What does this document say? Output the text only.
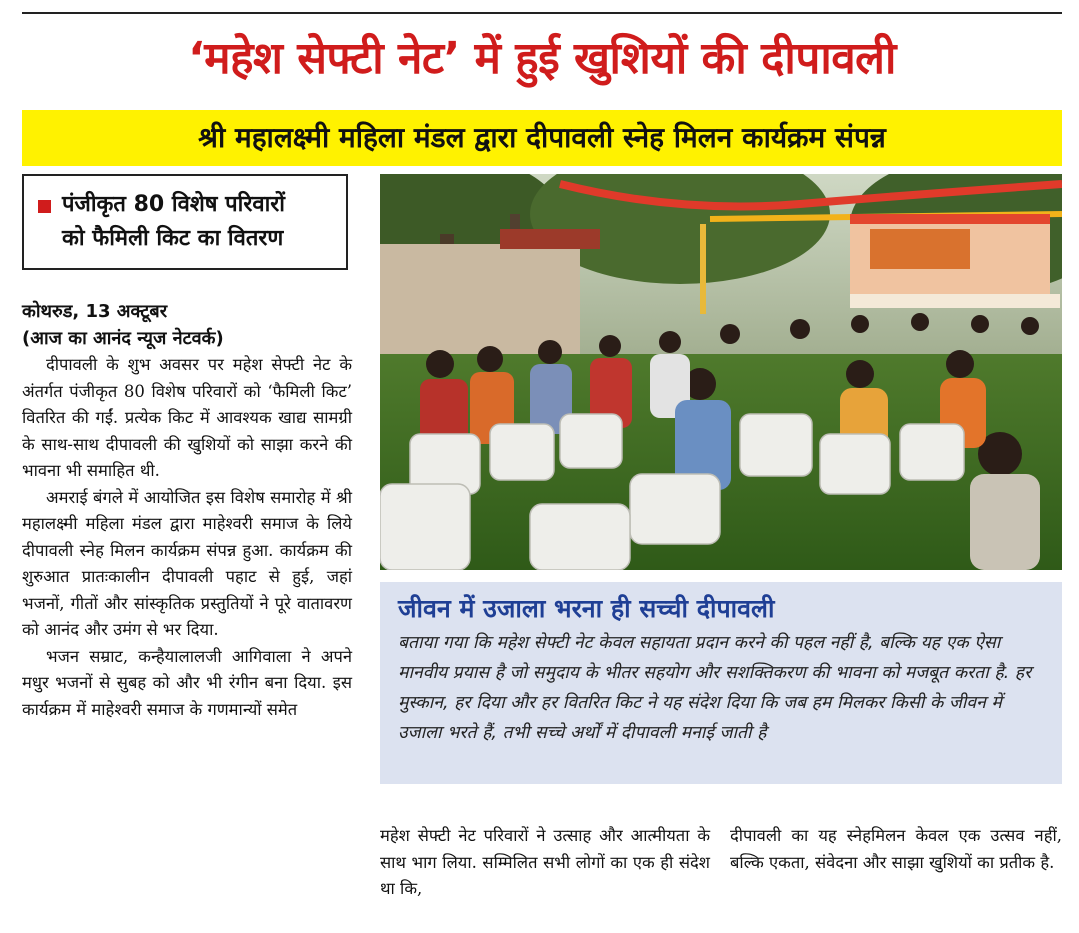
‘महेश सेफ्टी नेट’ में हुई खुशियों की दीपावली
श्री महालक्ष्मी महिला मंडल द्वारा दीपावली स्नेह मिलन कार्यक्रम संपन्न
पंजीकृत 80 विशेष परिवारों
को फैमिली किट का वितरण
कोथरुड, 13 अक्टूबर
(आज का आनंद न्यूज नेटवर्क)

दीपावली के शुभ अवसर पर महेश सेफ्टी नेट के अंतर्गत पंजीकृत 80 विशेष परिवारों को ‘फैमिली किट’ वितरित की गईं. प्रत्येक किट में आवश्यक खाद्य सामग्री के साथ-साथ दीपावली की खुशियों को साझा करने की भावना भी समाहित थी.

अमराई बंगले में आयोजित इस विशेष समारोह में श्री महालक्ष्मी महिला मंडल द्वारा माहेश्वरी समाज के लिये दीपावली स्नेह मिलन कार्यक्रम संपन्न हुआ. कार्यक्रम की शुरुआत प्रातःकालीन दीपावली पहाट से हुई, जहां भजनों, गीतों और सांस्कृतिक प्रस्तुतियों ने पूरे वातावरण को आनंद और उमंग से भर दिया.

भजन सम्राट, कन्हैयालालजी आगिवाला ने अपने मधुर भजनों से सुबह को और भी रंगीन बना दिया. इस कार्यक्रम में माहेश्वरी समाज के गणमान्यों समेत

जीवन में उजाला भरना ही सच्ची दीपावली
बताया गया कि महेश सेफ्टी नेट केवल सहायता प्रदान करने की पहल नहीं है, बल्कि यह एक ऐसा मानवीय प्रयास है जो समुदाय के भीतर सहयोग और सशक्तिकरण की भावना को मजबूत करता है. हर मुस्कान, हर दिया और हर वितरित किट ने यह संदेश दिया कि जब हम मिलकर किसी के जीवन में उजाला भरते हैं, तभी सच्चे अर्थों में दीपावली मनाई जाती है

महेश सेफ्टी नेट परिवारों ने उत्साह और आत्मीयता के साथ भाग लिया. सम्मिलित सभी लोगों का एक ही संदेश था कि,

दीपावली का यह स्नेहमिलन केवल एक उत्सव नहीं, बल्कि एकता, संवेदना और साझा खुशियों का प्रतीक है.
